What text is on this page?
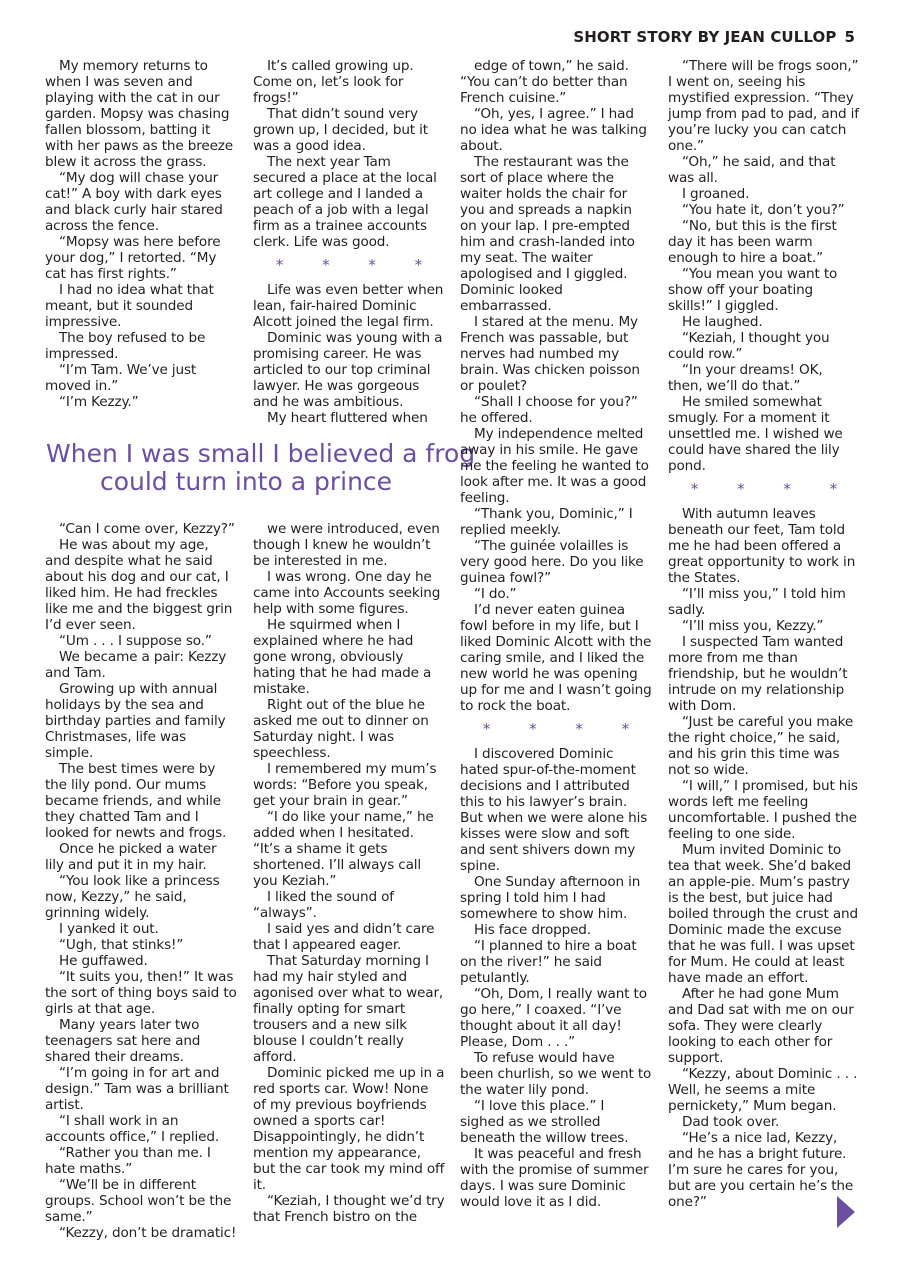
SHORT STORY BY JEAN CULLOP 5

My memory returns to when I was seven and playing with the cat in our garden. Mopsy was chasing fallen blossom, batting it with her paws as the breeze blew it across the grass.

“My dog will chase your cat!” A boy with dark eyes and black curly hair stared across the fence.

“Mopsy was here before your dog,” I retorted. “My cat has first rights.”

I had no idea what that meant, but it sounded impressive.

The boy refused to be impressed.

“I’m Tam. We’ve just moved in.”

“I’m Kezzy.”

It’s called growing up. Come on, let’s look for frogs!”

That didn’t sound very grown up, I decided, but it was a good idea.

The next year Tam secured a place at the local art college and I landed a peach of a job with a legal firm as a trainee accounts clerk. Life was good.

* * * *

Life was even better when lean, fair-haired Dominic Alcott joined the legal firm.

Dominic was young with a promising career. He was articled to our top criminal lawyer. He was gorgeous and he was ambitious.

My heart fluttered when

When I was small I believed a frog
could turn into a prince

“Can I come over, Kezzy?”

He was about my age, and despite what he said about his dog and our cat, I liked him. He had freckles like me and the biggest grin I’d ever seen.

“Um . . . I suppose so.”

We became a pair: Kezzy and Tam.

Growing up with annual holidays by the sea and birthday parties and family Christmases, life was simple.

The best times were by the lily pond. Our mums became friends, and while they chatted Tam and I looked for newts and frogs.

Once he picked a water lily and put it in my hair.

“You look like a princess now, Kezzy,” he said, grinning widely.

I yanked it out.

“Ugh, that stinks!”

He guffawed.

“It suits you, then!” It was the sort of thing boys said to girls at that age.

Many years later two teenagers sat here and shared their dreams.

“I’m going in for art and design.” Tam was a brilliant artist.

“I shall work in an accounts office,” I replied.

“Rather you than me. I hate maths.”

“We’ll be in different groups. School won’t be the same.”

“Kezzy, don’t be dramatic!

we were introduced, even though I knew he wouldn’t be interested in me.

I was wrong. One day he came into Accounts seeking help with some figures.

He squirmed when I explained where he had gone wrong, obviously hating that he had made a mistake.

Right out of the blue he asked me out to dinner on Saturday night. I was speechless.

I remembered my mum’s words: “Before you speak, get your brain in gear.”

“I do like your name,” he added when I hesitated. “It’s a shame it gets shortened. I’ll always call you Keziah.”

I liked the sound of “always”.

I said yes and didn’t care that I appeared eager.

That Saturday morning I had my hair styled and agonised over what to wear, finally opting for smart trousers and a new silk blouse I couldn’t really afford.

Dominic picked me up in a red sports car. Wow! None of my previous boyfriends owned a sports car! Disappointingly, he didn’t mention my appearance, but the car took my mind off it.

“Keziah, I thought we’d try that French bistro on the

edge of town,” he said. “You can’t do better than French cuisine.”

“Oh, yes, I agree.” I had no idea what he was talking about.

The restaurant was the sort of place where the waiter holds the chair for you and spreads a napkin on your lap. I pre-empted him and crash-landed into my seat. The waiter apologised and I giggled. Dominic looked embarrassed.

I stared at the menu. My French was passable, but nerves had numbed my brain. Was chicken poisson or poulet?

“Shall I choose for you?” he offered.

My independence melted away in his smile. He gave me the feeling he wanted to look after me. It was a good feeling.

“Thank you, Dominic,” I replied meekly.

“The guinée volailles is very good here. Do you like guinea fowl?”

“I do.”

I’d never eaten guinea fowl before in my life, but I liked Dominic Alcott with the caring smile, and I liked the new world he was opening up for me and I wasn’t going to rock the boat.

* * * *

I discovered Dominic hated spur-of-the-moment decisions and I attributed this to his lawyer’s brain. But when we were alone his kisses were slow and soft and sent shivers down my spine.

One Sunday afternoon in spring I told him I had somewhere to show him.

His face dropped.

“I planned to hire a boat on the river!” he said petulantly.

“Oh, Dom, I really want to go here,” I coaxed. “I’ve thought about it all day! Please, Dom . . .”

To refuse would have been churlish, so we went to the water lily pond.

“I love this place.” I sighed as we strolled beneath the willow trees.

It was peaceful and fresh with the promise of summer days. I was sure Dominic would love it as I did.

“There will be frogs soon,” I went on, seeing his mystified expression. “They jump from pad to pad, and if you’re lucky you can catch one.”

“Oh,” he said, and that was all.

I groaned.

“You hate it, don’t you?”

“No, but this is the first day it has been warm enough to hire a boat.”

“You mean you want to show off your boating skills!” I giggled.

He laughed.

“Keziah, I thought you could row.”

“In your dreams! OK, then, we’ll do that.”

He smiled somewhat smugly. For a moment it unsettled me. I wished we could have shared the lily pond.

* * * *

With autumn leaves beneath our feet, Tam told me he had been offered a great opportunity to work in the States.

“I’ll miss you,” I told him sadly.

“I’ll miss you, Kezzy.”

I suspected Tam wanted more from me than friendship, but he wouldn’t intrude on my relationship with Dom.

“Just be careful you make the right choice,” he said, and his grin this time was not so wide.

“I will,” I promised, but his words left me feeling uncomfortable. I pushed the feeling to one side.

Mum invited Dominic to tea that week. She’d baked an apple-pie. Mum’s pastry is the best, but juice had boiled through the crust and Dominic made the excuse that he was full. I was upset for Mum. He could at least have made an effort.

After he had gone Mum and Dad sat with me on our sofa. They were clearly looking to each other for support.

“Kezzy, about Dominic . . . Well, he seems a mite pernickety,” Mum began.

Dad took over.

“He’s a nice lad, Kezzy, and he has a bright future. I’m sure he cares for you, but are you certain he’s the one?”
